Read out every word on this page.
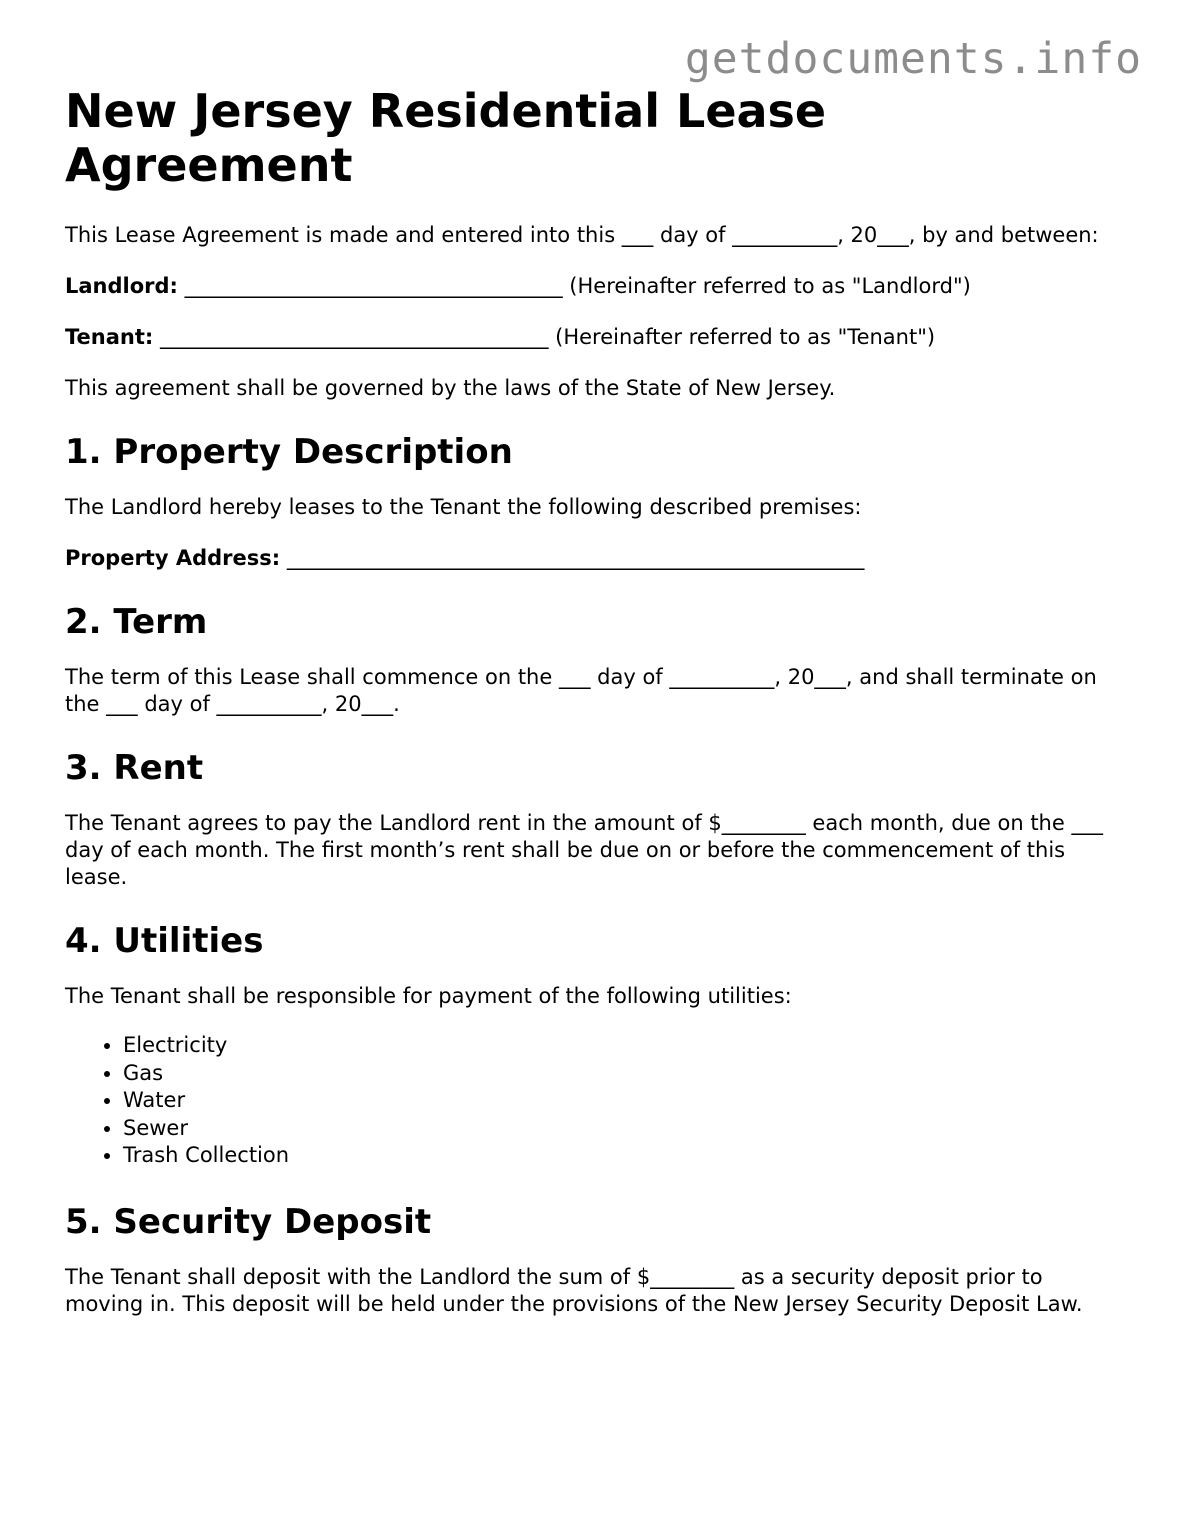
getdocuments.info
New Jersey Residential Lease Agreement

This Lease Agreement is made and entered into this ___ day of __________, 20___, by and between:

Landlord: ____________________________________ (Hereinafter referred to as "Landlord")

Tenant: _____________________________________ (Hereinafter referred to as "Tenant")

This agreement shall be governed by the laws of the State of New Jersey.

1. Property Description

The Landlord hereby leases to the Tenant the following described premises:

Property Address: _______________________________________________________

2. Term

The term of this Lease shall commence on the ___ day of __________, 20___, and shall terminate on the ___ day of __________, 20___.

3. Rent

The Tenant agrees to pay the Landlord rent in the amount of $________ each month, due on the ___ day of each month. The first month’s rent shall be due on or before the commencement of this lease.

4. Utilities

The Tenant shall be responsible for payment of the following utilities:

• Electricity
• Gas
• Water
• Sewer
• Trash Collection
5. Security Deposit

The Tenant shall deposit with the Landlord the sum of $________ as a security deposit prior to moving in. This deposit will be held under the provisions of the New Jersey Security Deposit Law.
